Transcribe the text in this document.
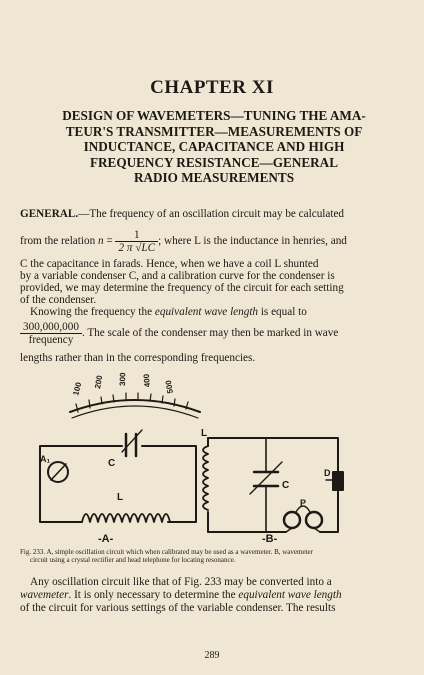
CHAPTER XI
DESIGN OF WAVEMETERS—TUNING THE AMA-
TEUR'S TRANSMITTER—MEASUREMENTS OF
INDUCTANCE, CAPACITANCE AND HIGH
FREQUENCY RESISTANCE—GENERAL
RADIO MEASUREMENTS
GENERAL.—The frequency of an oscillation circuit may be calculated
from the relation $n = \frac{1}{2 \pi √LC}$ ; where L is the inductance in henries, and
C the capacitance in farads. Hence, when we have a coil L shunted
by a variable condenser C, and a calibration curve for the condenser is
provided, we may determine the frequency of the circuit for each setting
of the condenser.
Knowing the frequency the equivalent wave length is equal to
$\frac{300,000,000}{\text{frequency}}$ . The scale of the condenser may then be marked in wave
lengths rather than in the corresponding frequencies.
100 200 300 400 500
A₁	C
L
-A-
L
C
D
P
-B-
Fig. 233. A, simple oscillation circuit which when calibrated may be used as a wavemeter. B, wavemeter
circuit using a crystal rectifier and head telephone for locating resonance.
Any oscillation circuit like that of Fig. 233 may be converted into a
wavemeter. It is only necessary to determine the equivalent wave length
of the circuit for various settings of the variable condenser. The results
289
